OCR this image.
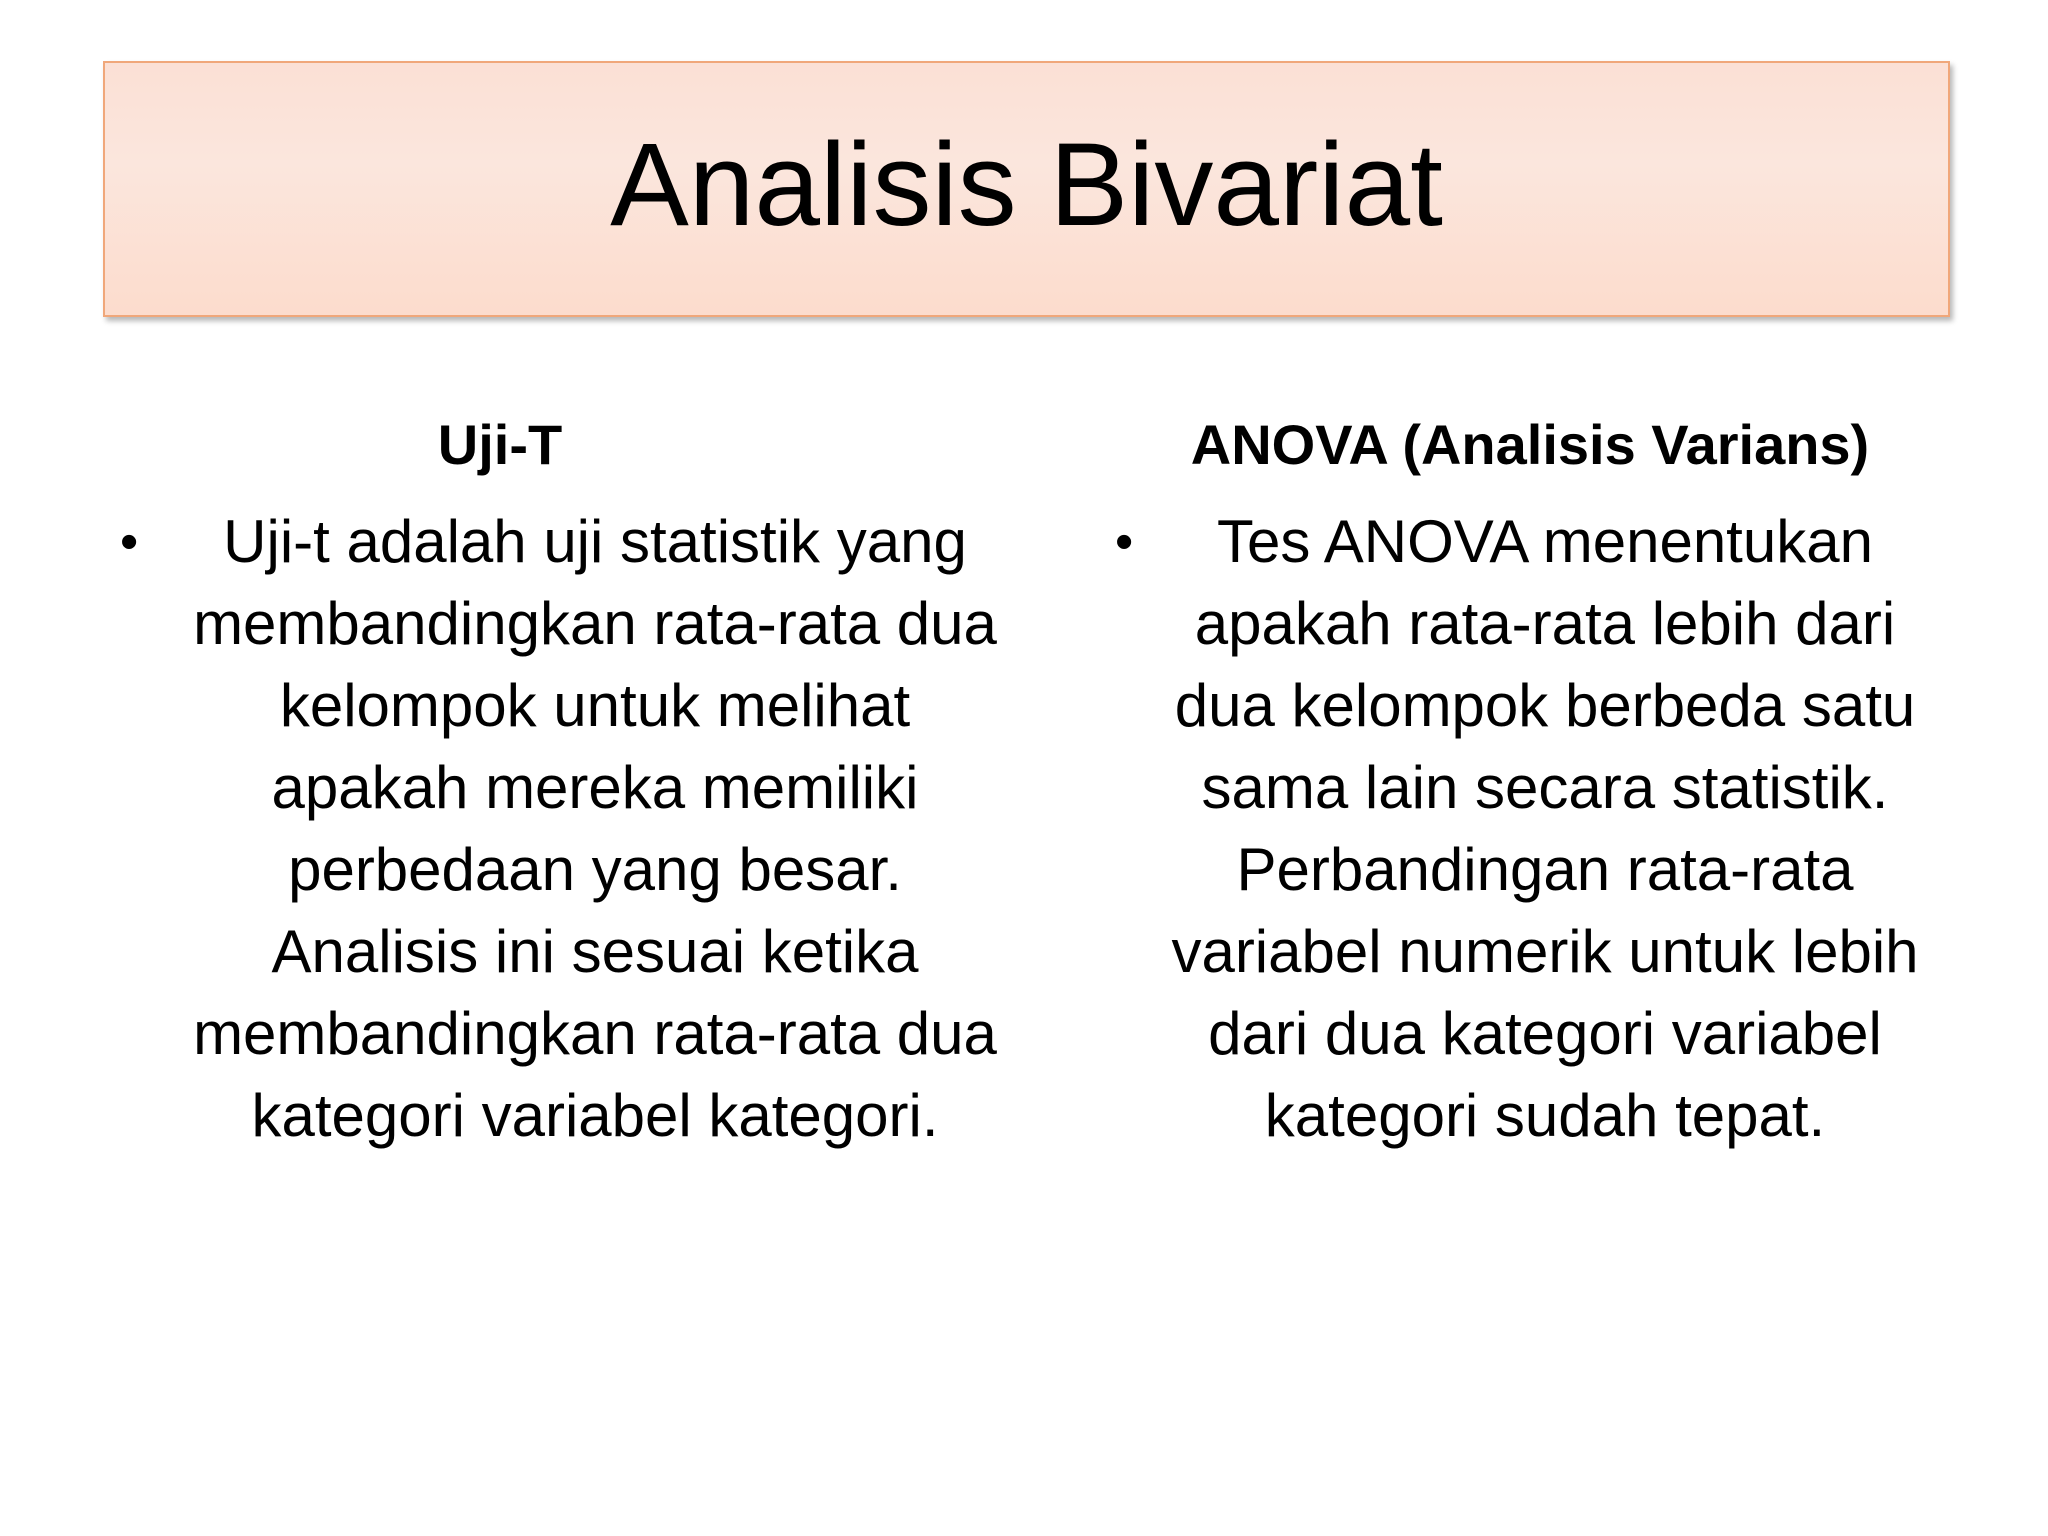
Analisis Bivariat
Uji-T
•	Uji-t adalah uji statistik yang membandingkan rata-rata dua kelompok untuk melihat apakah mereka memiliki perbedaan yang besar. Analisis ini sesuai ketika membandingkan rata-rata dua kategori variabel kategori.

ANOVA (Analisis Varians)
•	Tes ANOVA menentukan apakah rata-rata lebih dari dua kelompok berbeda satu sama lain secara statistik. Perbandingan rata-rata variabel numerik untuk lebih dari dua kategori variabel kategori sudah tepat.
